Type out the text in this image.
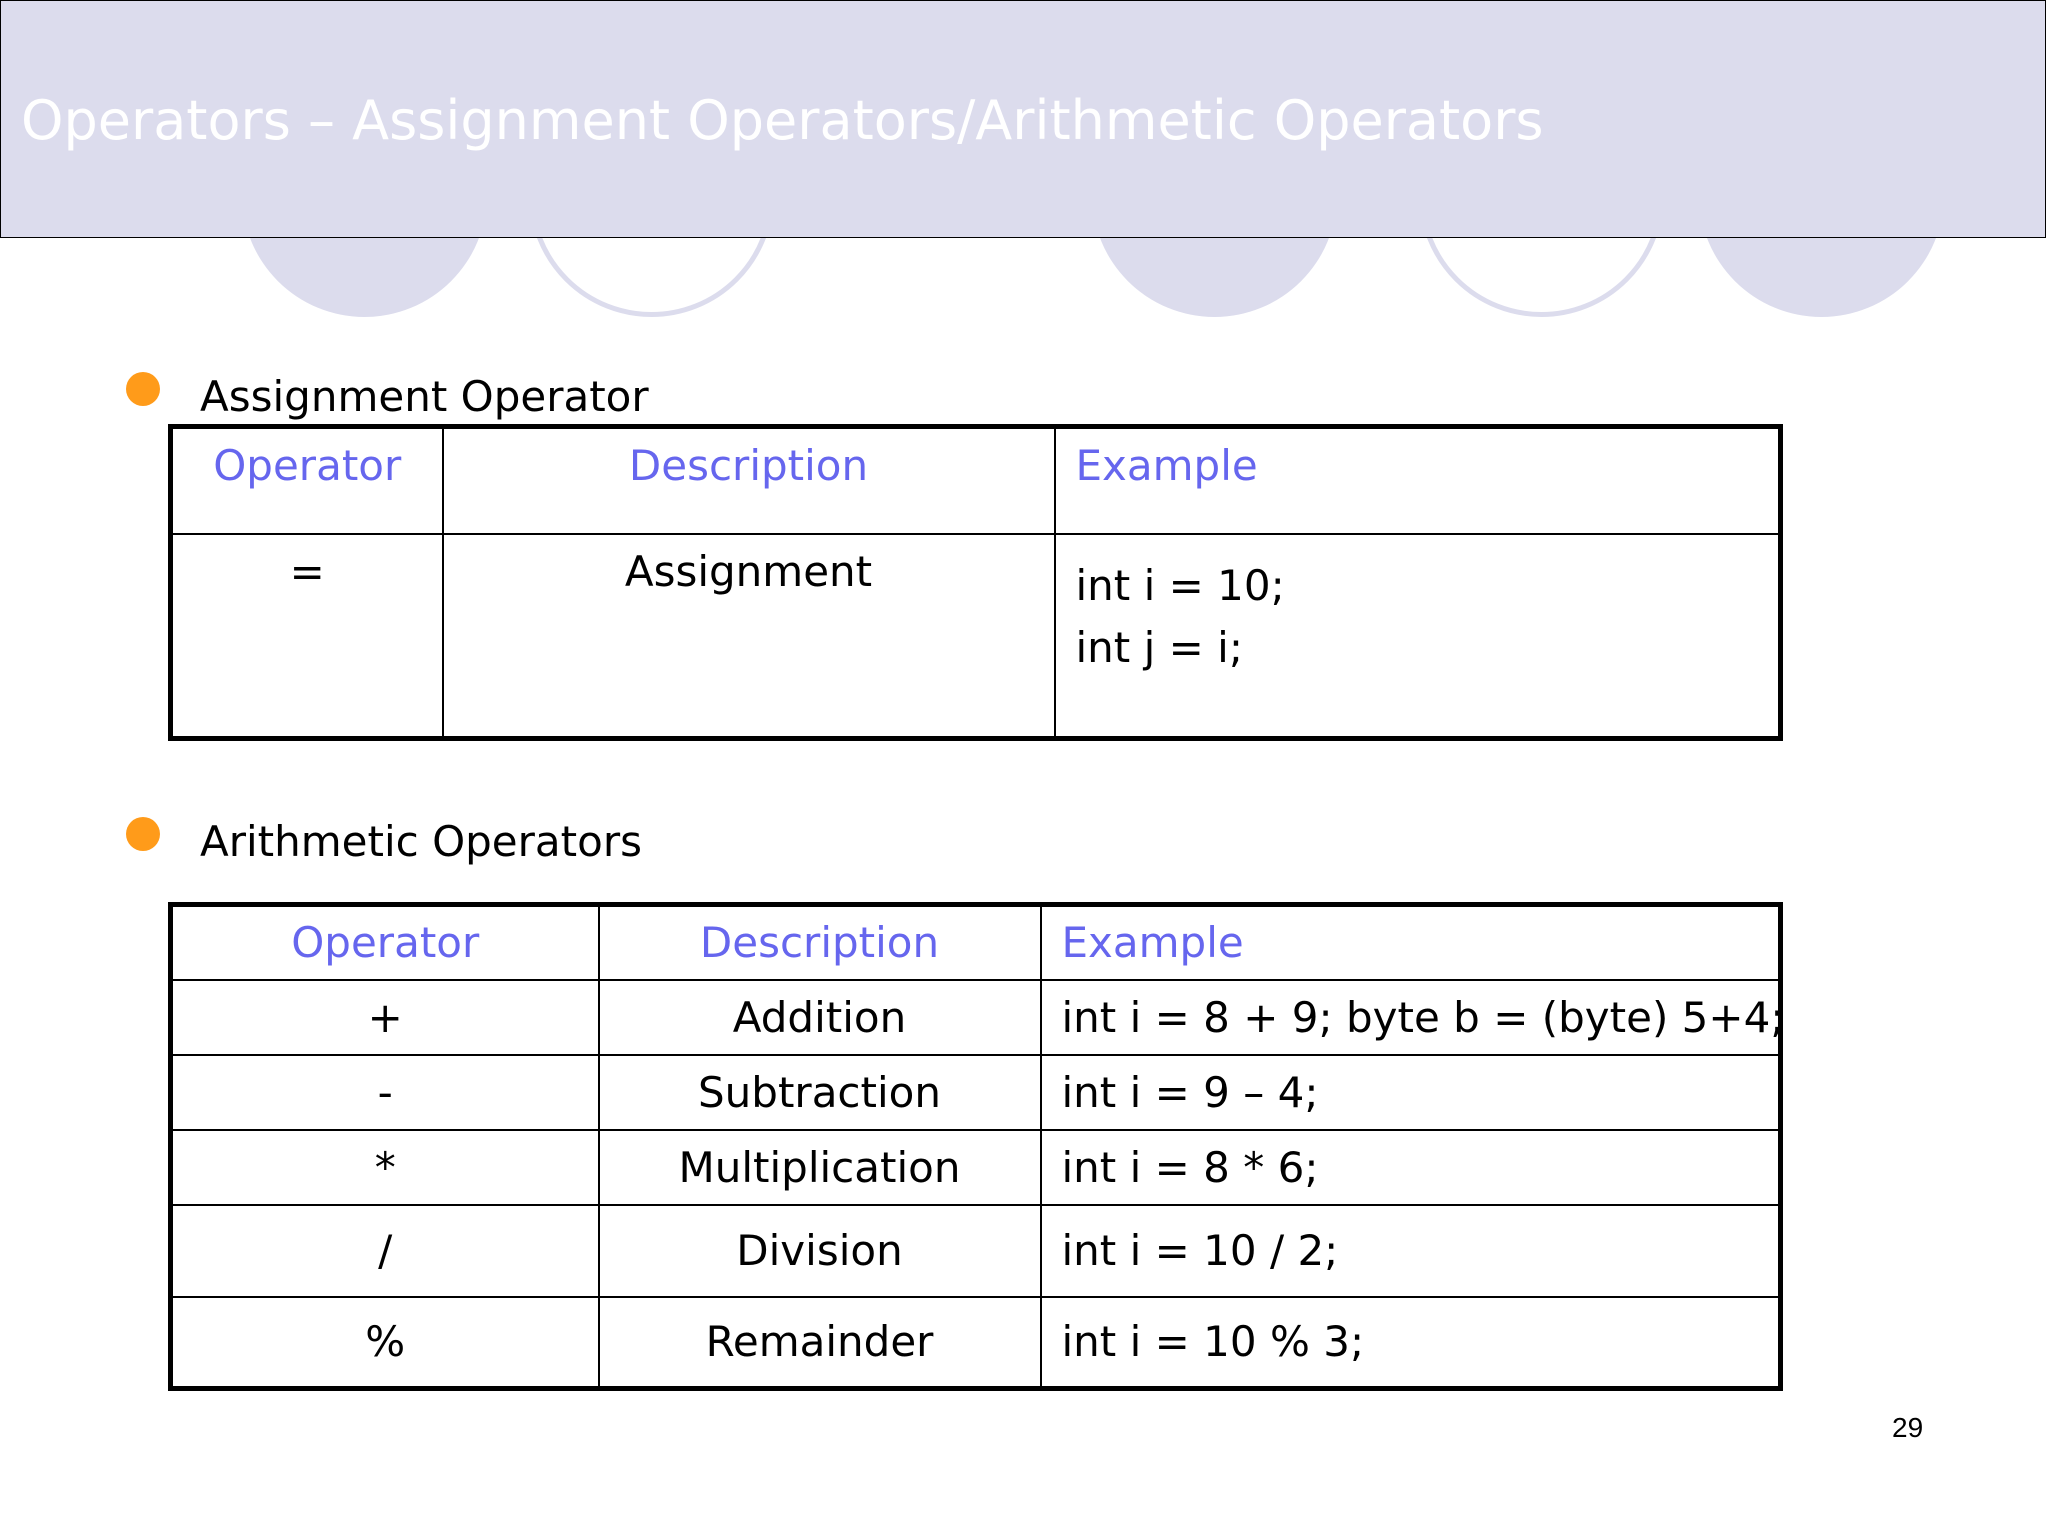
Operators – Assignment Operators/Arithmetic Operators
Assignment Operator
Operator	Description	Example
=	Assignment	int i = 10;
int j = i;
Arithmetic Operators
Operator	Description	Example
+	Addition	int i = 8 + 9; byte b = (byte) 5+4;
-	Subtraction	int i = 9 – 4;
*	Multiplication	int i = 8 * 6;
/	Division	int i = 10 / 2;
%	Remainder	int i = 10 % 3;
29
